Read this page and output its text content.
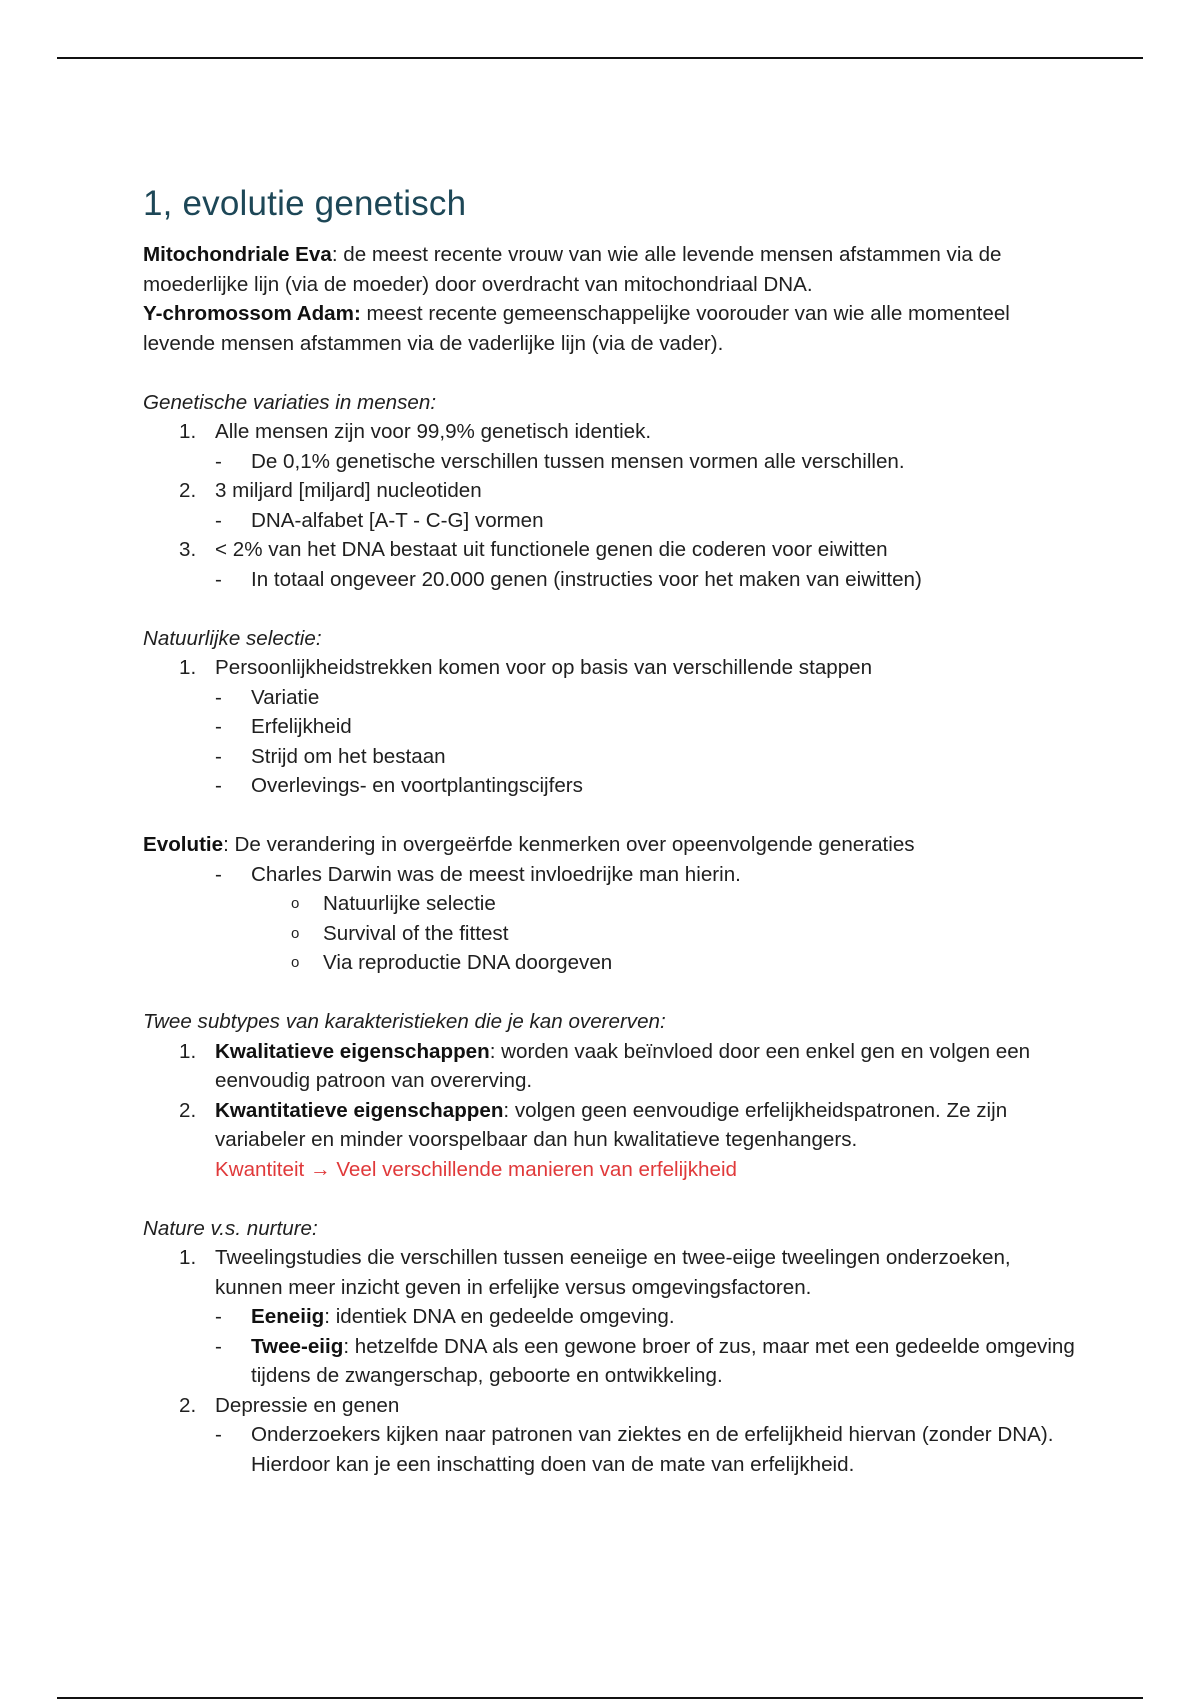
1, evolutie genetisch

Mitochondriale Eva: de meest recente vrouw van wie alle levende mensen afstammen via de moederlijke lijn (via de moeder) door overdracht van mitochondriaal DNA.

Y-chromossom Adam: meest recente gemeenschappelijke voorouder van wie alle momenteel levende mensen afstammen via de vaderlijke lijn (via de vader).

Genetische variaties in mensen:

1. Alle mensen zijn voor 99,9% genetisch identiek.
- De 0,1% genetische verschillen tussen mensen vormen alle verschillen.
2. 3 miljard [miljard] nucleotiden
- DNA-alfabet [A-T - C-G] vormen
3. < 2% van het DNA bestaat uit functionele genen die coderen voor eiwitten
- In totaal ongeveer 20.000 genen (instructies voor het maken van eiwitten)

Natuurlijke selectie:

1. Persoonlijkheidstrekken komen voor op basis van verschillende stappen
- Variatie
- Erfelijkheid
- Strijd om het bestaan
- Overlevings- en voortplantingscijfers

Evolutie: De verandering in overgeërfde kenmerken over opeenvolgende generaties

- Charles Darwin was de meest invloedrijke man hierin.
o Natuurlijke selectie
o Survival of the fittest
o Via reproductie DNA doorgeven

Twee subtypes van karakteristieken die je kan overerven:

1. Kwalitatieve eigenschappen: worden vaak beïnvloed door een enkel gen en volgen een eenvoudig patroon van overerving.
2. Kwantitatieve eigenschappen: volgen geen eenvoudige erfelijkheidspatronen. Ze zijn variabeler en minder voorspelbaar dan hun kwalitatieve tegenhangers.
Kwantiteit → Veel verschillende manieren van erfelijkheid

Nature v.s. nurture:

1. Tweelingstudies die verschillen tussen eeneiige en twee-eiige tweelingen onderzoeken, kunnen meer inzicht geven in erfelijke versus omgevingsfactoren.
- Eeneiig: identiek DNA en gedeelde omgeving.
- Twee-eiig: hetzelfde DNA als een gewone broer of zus, maar met een gedeelde omgeving tijdens de zwangerschap, geboorte en ontwikkeling.
2. Depressie en genen
- Onderzoekers kijken naar patronen van ziektes en de erfelijkheid hiervan (zonder DNA). Hierdoor kan je een inschatting doen van de mate van erfelijkheid.
